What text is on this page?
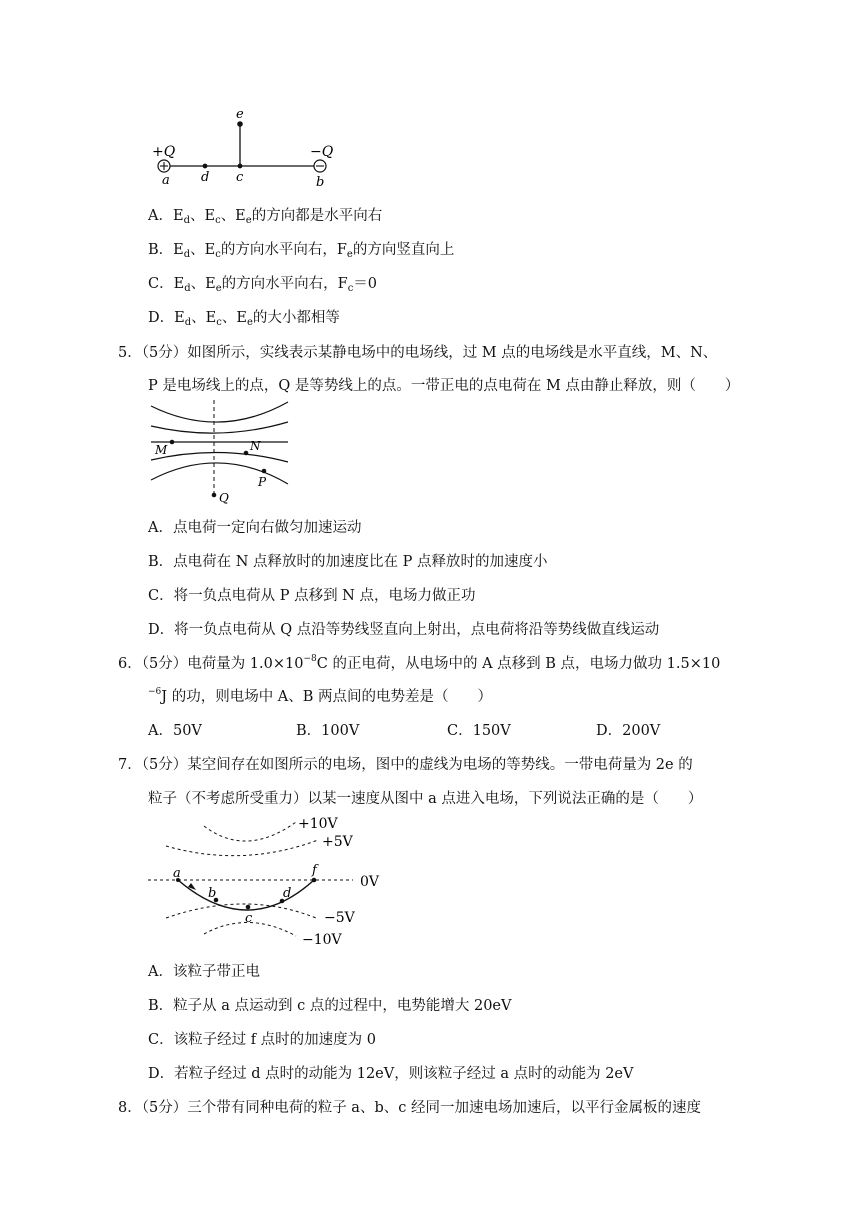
e
+Q	−Q
a d c	b
A．$E_d$、$E_c$、$E_e$的方向都是水平向右
B．$E_d$、$E_c$的方向水平向右，$F_e$的方向竖直向上
C．$E_d$、$E_e$的方向水平向右，$F_c=0$
D．$E_d$、$E_c$、$E_e$的大小都相等
5．（5分）如图所示，实线表示某静电场中的电场线，过 M 点的电场线是水平直线，M、N、
P 是电场线上的点，Q 是等势线上的点。一带正电的点电荷在 M 点由静止释放，则（　　）
M	N
P
Q
A．点电荷一定向右做匀加速运动
B．点电荷在 N 点释放时的加速度比在 P 点释放时的加速度小
C．将一负点电荷从 P 点移到 N 点，电场力做正功
D．将一负点电荷从 Q 点沿等势线竖直向上射出，点电荷将沿等势线做直线运动
6．（5分）电荷量为 $1.0\times 10^{-8}C$ 的正电荷，从电场中的 A 点移到 B 点，电场力做功 1.5×10
$^{-6}$J 的功，则电场中 A、B 两点间的电势差是（　　）
A．50V	B．100V	C．150V	D．200V
7．（5分）某空间存在如图所示的电场，图中的虚线为电场的等势线。一带电荷量为 2e 的
粒子（不考虑所受重力）以某一速度从图中 a 点进入电场，下列说法正确的是（　　）
a
b
c
d
f
+10V
+5V
0V
−5V
−10V
A．该粒子带正电
B．粒子从 a 点运动到 c 点的过程中，电势能增大 20eV
C．该粒子经过 f 点时的加速度为 0
D．若粒子经过 d 点时的动能为 12eV，则该粒子经过 a 点时的动能为 2eV
8．（5分）三个带有同种电荷的粒子 a、b、c 经同一加速电场加速后，以平行金属板的速度
